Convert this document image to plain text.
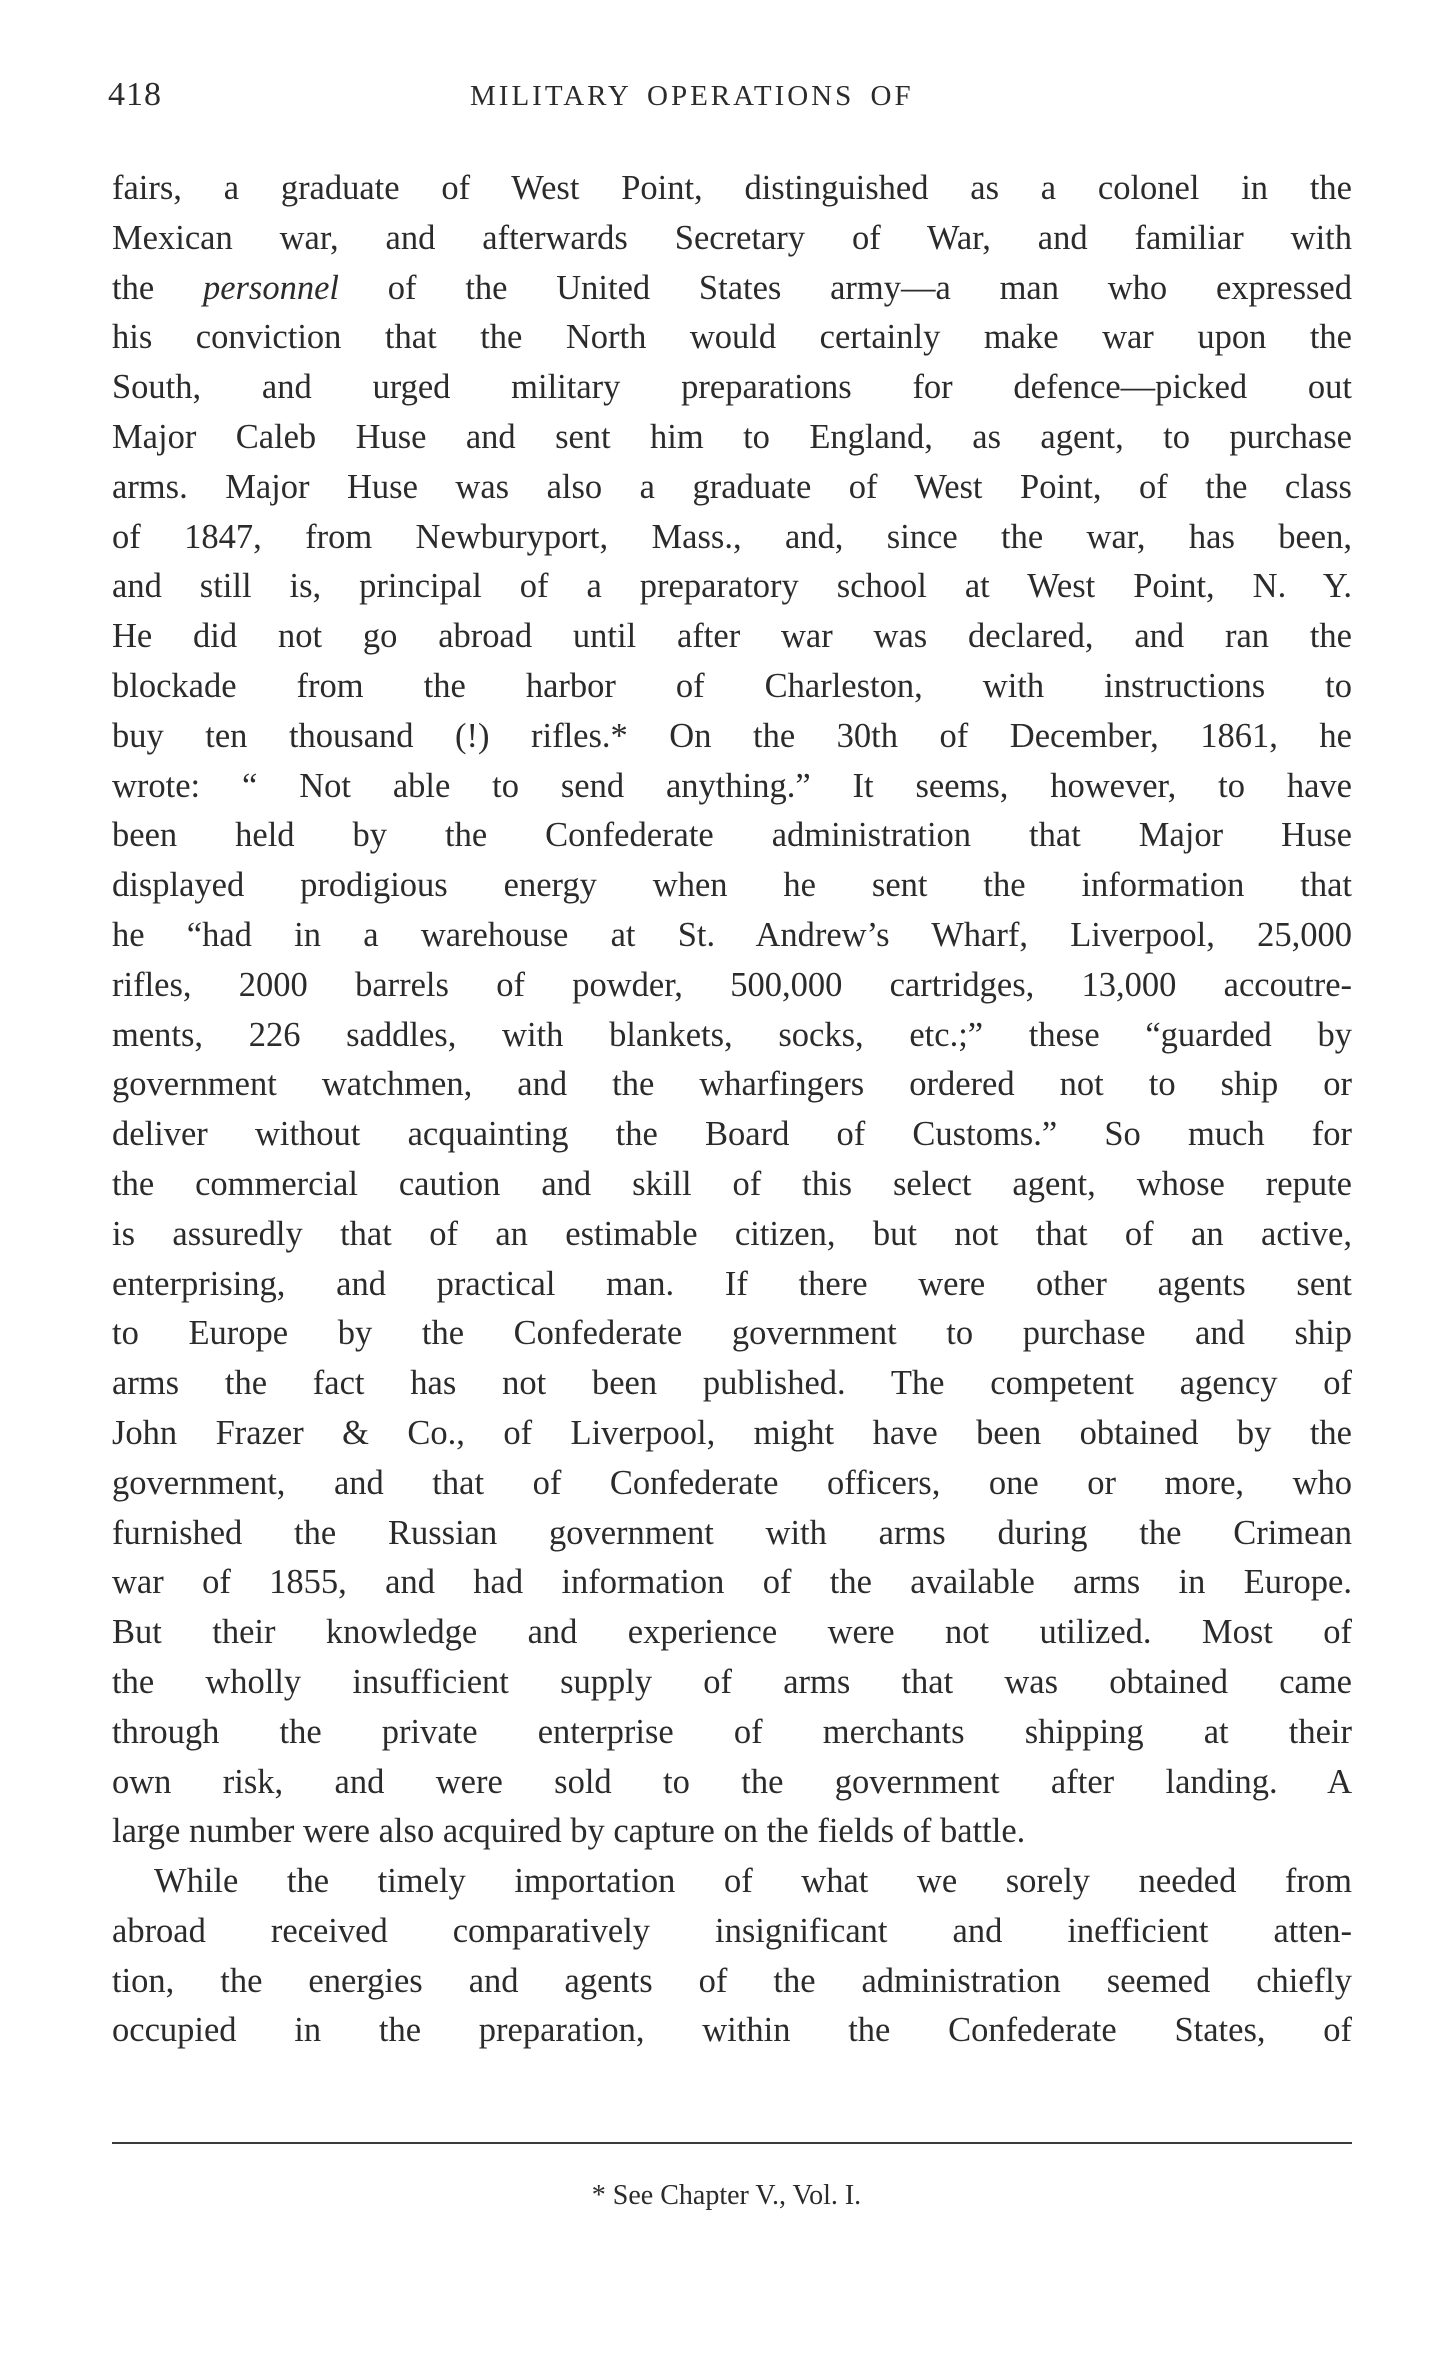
418	MILITARY OPERATIONS OF
fairs, a graduate of West Point, distinguished as a colonel in the
Mexican war, and afterwards Secretary of War, and familiar with
the personnel of the United States army—a man who expressed
his conviction that the North would certainly make war upon the
South, and urged military preparations for defence—picked out
Major Caleb Huse and sent him to England, as agent, to purchase
arms. Major Huse was also a graduate of West Point, of the class
of 1847, from Newburyport, Mass., and, since the war, has been,
and still is, principal of a preparatory school at West Point, N. Y.
He did not go abroad until after war was declared, and ran the
blockade from the harbor of Charleston, with instructions to
buy ten thousand (!) rifles.* On the 30th of December, 1861, he
wrote: “ Not able to send anything.” It seems, however, to have
been held by the Confederate administration that Major Huse
displayed prodigious energy when he sent the information that
he “had in a warehouse at St. Andrew’s Wharf, Liverpool, 25,000
rifles, 2000 barrels of powder, 500,000 cartridges, 13,000 accoutre-
ments, 226 saddles, with blankets, socks, etc.;” these “guarded by
government watchmen, and the wharfingers ordered not to ship or
deliver without acquainting the Board of Customs.” So much for
the commercial caution and skill of this select agent, whose repute
is assuredly that of an estimable citizen, but not that of an active,
enterprising, and practical man. If there were other agents sent
to Europe by the Confederate government to purchase and ship
arms the fact has not been published. The competent agency of
John Frazer & Co., of Liverpool, might have been obtained by the
government, and that of Confederate officers, one or more, who
furnished the Russian government with arms during the Crimean
war of 1855, and had information of the available arms in Europe.
But their knowledge and experience were not utilized. Most of
the wholly insufficient supply of arms that was obtained came
through the private enterprise of merchants shipping at their
own risk, and were sold to the government after landing. A
large number were also acquired by capture on the fields of battle.
While the timely importation of what we sorely needed from
abroad received comparatively insignificant and inefficient atten-
tion, the energies and agents of the administration seemed chiefly
occupied in the preparation, within the Confederate States, of
* See Chapter V., Vol. I.
